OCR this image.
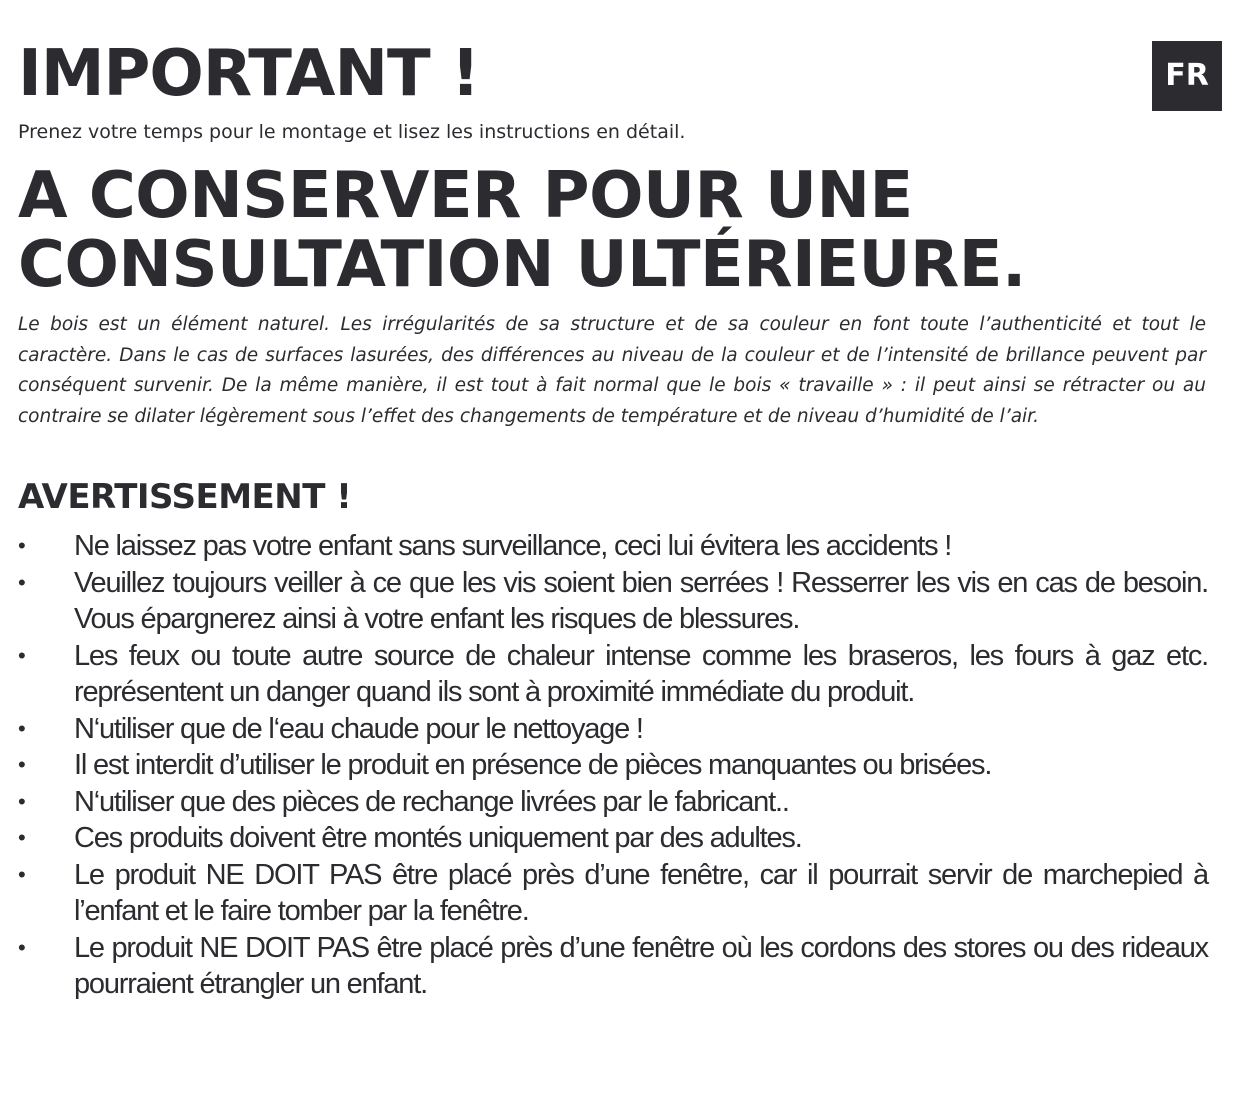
IMPORTANT !	FR
Prenez votre temps pour le montage et lisez les instructions en détail.
A CONSERVER POUR UNE CONSULTATION ULTÉRIEURE.

Le bois est un élément naturel. Les irrégularités de sa structure et de sa couleur en font toute l’authenticité et tout le caractère. Dans le cas de surfaces lasurées, des différences au niveau de la couleur et de l’intensité de brillance peuvent par conséquent survenir. De la même manière, il est tout à fait normal que le bois « travaille » : il peut ainsi se rétracter ou au contraire se dilater légèrement sous l’effet des changements de température et de niveau d’humidité de l’air.

AVERTISSEMENT !
• Ne laissez pas votre enfant sans surveillance, ceci lui évitera les accidents !
• Veuillez toujours veiller à ce que les vis soient bien serrées ! Resserrer les vis en cas de besoin. Vous épargnerez ainsi à votre enfant les risques de blessures.
• Les feux ou toute autre source de chaleur intense comme les braseros, les fours à gaz etc. représentent un danger quand ils sont à proximité immédiate du produit.
• N‘utiliser que de l‘eau chaude pour le nettoyage !
• Il est interdit d’utiliser le produit en présence de pièces manquantes ou brisées.
• N‘utiliser que des pièces de rechange livrées par le fabricant..
• Ces produits doivent être montés uniquement par des adultes.
• Le produit NE DOIT PAS être placé près d’une fenêtre, car il pourrait servir de marchepied à l’enfant et le faire tomber par la fenêtre.
• Le produit NE DOIT PAS être placé près d’une fenêtre où les cordons des stores ou des rideaux pourraient étrangler un enfant.
